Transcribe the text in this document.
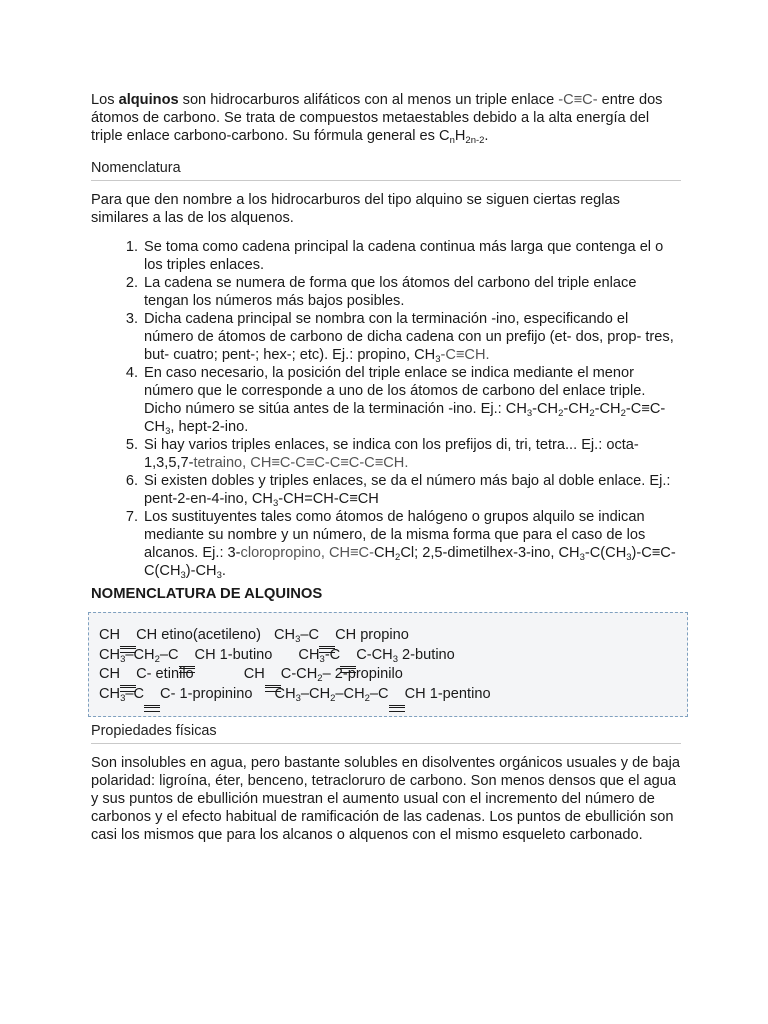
Los alquinos son hidrocarburos alifáticos con al menos un triple enlace -C≡C- entre dos átomos de carbono. Se trata de compuestos metaestables debido a la alta energía del triple enlace carbono-carbono. Su fórmula general es $C_nH_{2n-2}$.

Nomenclatura

Para que den nombre a los hidrocarburos del tipo alquino se siguen ciertas reglas similares a las de los alquenos.

1. Se toma como cadena principal la cadena continua más larga que contenga el o los triples enlaces.
2. La cadena se numera de forma que los átomos del carbono del triple enlace tengan los números más bajos posibles.
3. Dicha cadena principal se nombra con la terminación -ino, especificando el número de átomos de carbono de dicha cadena con un prefijo (et- dos, prop- tres, but- cuatro; pent-; hex-; etc). Ej.: propino, $CH_3-C\equiv CH$.
4. En caso necesario, la posición del triple enlace se indica mediante el menor número que le corresponde a uno de los átomos de carbono del enlace triple. Dicho número se sitúa antes de la terminación -ino. Ej.: $CH_3-CH_2-CH_2-CH_2-C\equiv C-CH_3$, hept-2-ino.
5. Si hay varios triples enlaces, se indica con los prefijos di, tri, tetra... Ej.: octa-1,3,5,7-tetraino, CH≡C-C≡C-C≡C-C≡CH.
6. Si existen dobles y triples enlaces, se da el número más bajo al doble enlace. Ej.: pent-2-en-4-ino, $CH_3-CH=CH-C\equiv CH$
7. Los sustituyentes tales como átomos de halógeno o grupos alquilo se indican mediante su nombre y un número, de la misma forma que para el caso de los alcanos. Ej.: 3-cloropropino, $CH\equiv C-CH_2Cl$; 2,5-dimetilhex-3-ino, $CH_3-C(CH_3)-C\equiv C-C(CH_3)-CH_3$.
NOMENCLATURA DE ALQUINOS

CH CH etino(acetileno) $CH_3-C$ CH propino

$CH_3-CH_2-C$ CH 1-butino $CH_3-C$ $C-CH_3$ 2-butino

CH C- etinilo	CH $C-CH_2-$ 2-propinilo

$CH_3-C$ C- 1-propinino $CH_3-CH_2-CH_2-C$ CH 1-pentino

Propiedades físicas

Son insolubles en agua, pero bastante solubles en disolventes orgánicos usuales y de baja polaridad: ligroína, éter, benceno, tetracloruro de carbono. Son menos densos que el agua y sus puntos de ebullición muestran el aumento usual con el incremento del número de carbonos y el efecto habitual de ramificación de las cadenas. Los puntos de ebullición son casi los mismos que para los alcanos o alquenos con el mismo esqueleto carbonado.
